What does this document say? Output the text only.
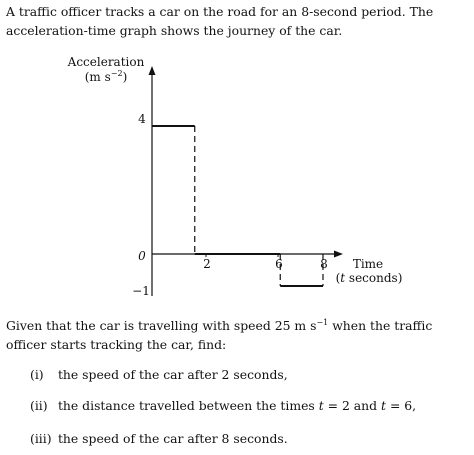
A traffic officer tracks a car on the road for an 8-second period. The acceleration-time graph shows the journey of the car.
Acceleration
(m $s^{-2}$)
4
0
−1
2	6	8 Time
(t seconds)
Given that the car is travelling with speed 25 m $s^{-1}$ when the traffic officer starts tracking the car, find:
(i) the speed of the car after 2 seconds,
(ii) the distance travelled between the times t = 2 and t = 6,
(iii) the speed of the car after 8 seconds.
